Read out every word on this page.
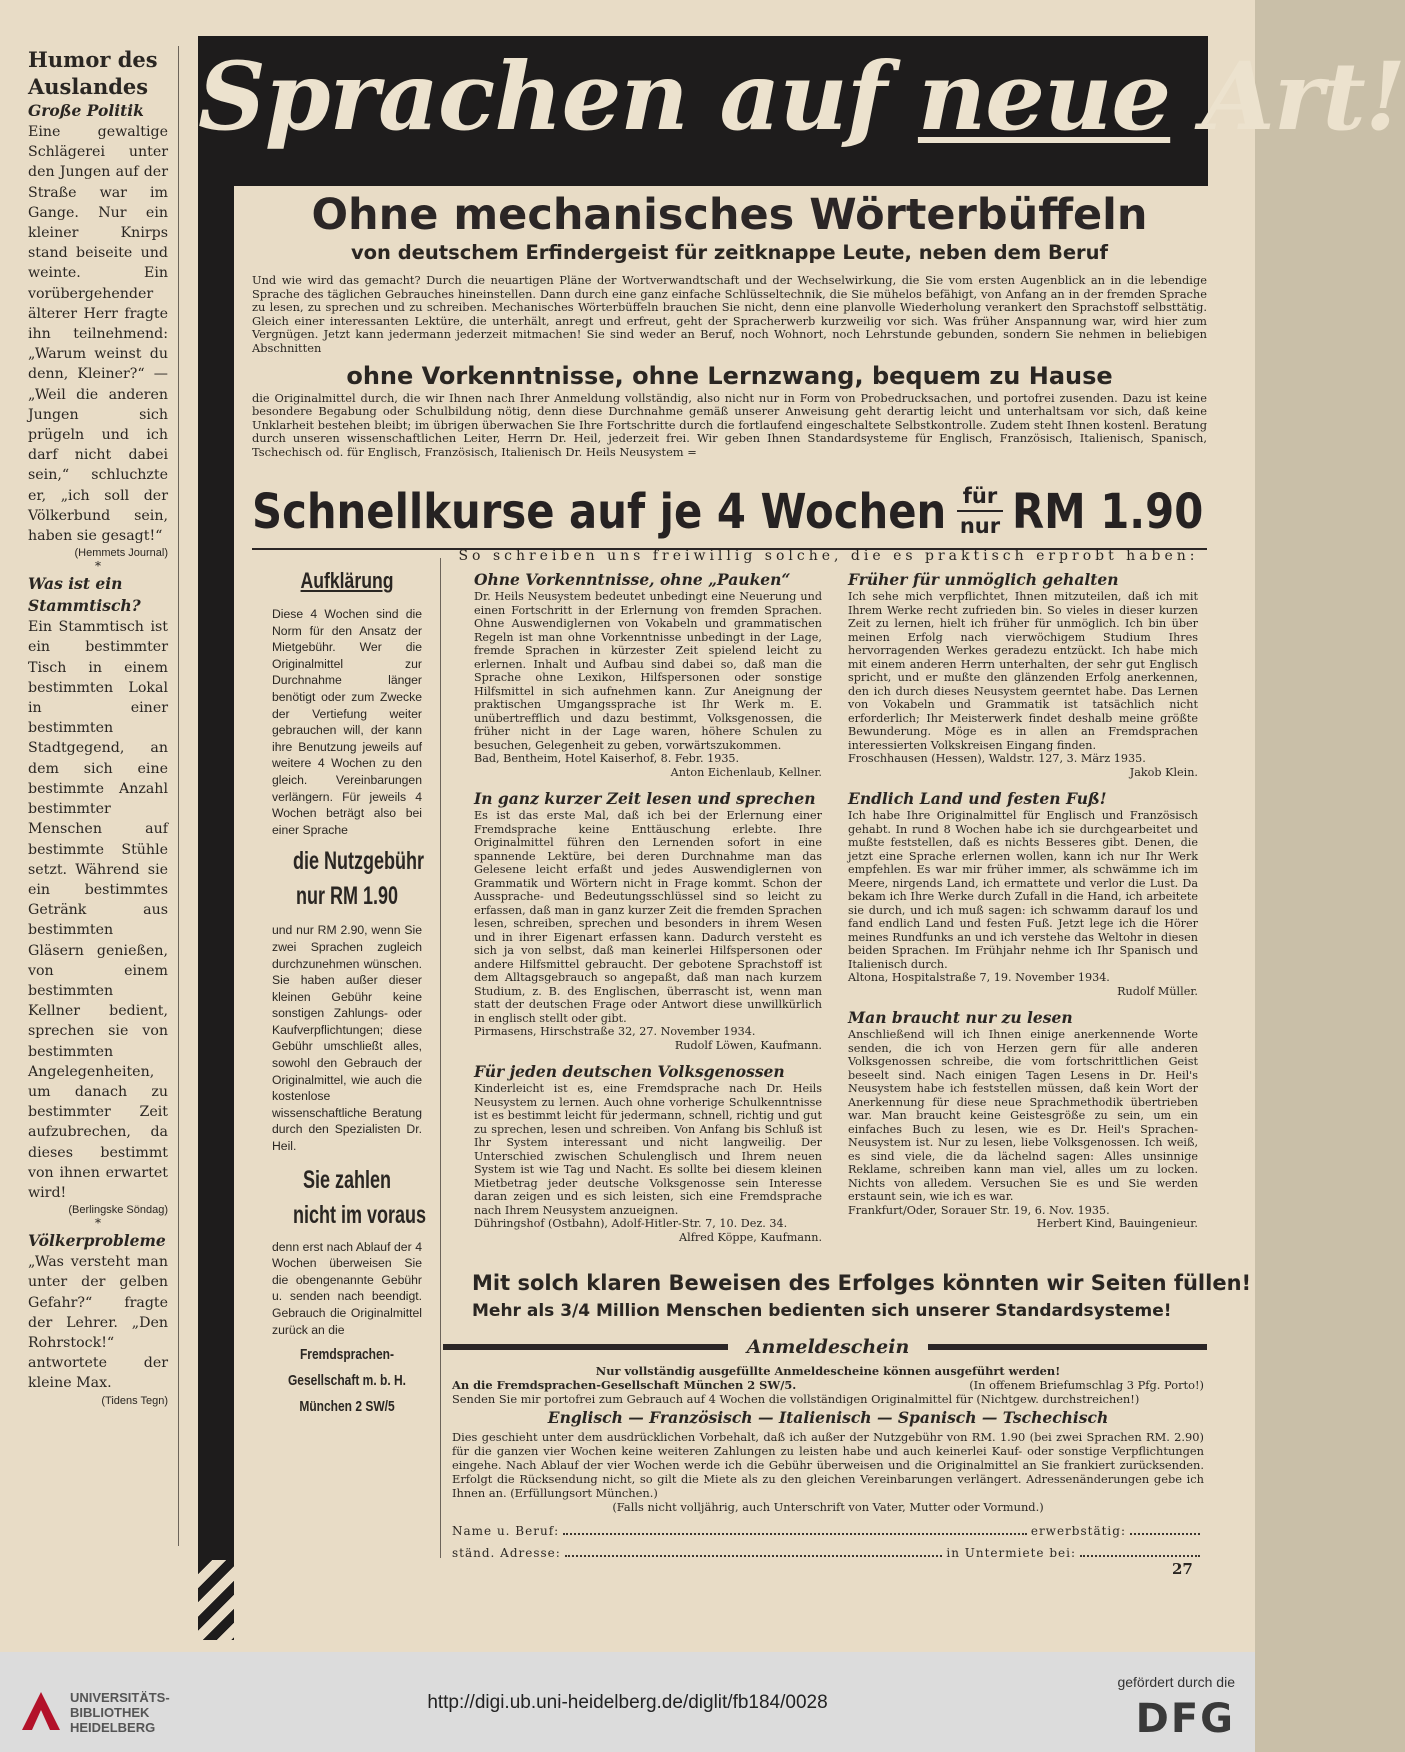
Humor des Auslandes
Große Politik

Eine gewaltige Schlägerei unter den Jungen auf der Straße war im Gange. Nur ein kleiner Knirps stand beiseite und weinte. Ein vorübergehender älterer Herr fragte ihn teilnehmend: „Warum weinst du denn, Kleiner?“ — „Weil die anderen Jungen sich prügeln und ich darf nicht dabei sein,“ schluchzte er, „ich soll der Völkerbund sein, haben sie gesagt!“

(Hemmets Journal)
*
Was ist ein Stammtisch?

Ein Stammtisch ist ein bestimmter Tisch in einem bestimmten Lokal in einer bestimmten Stadtgegend, an dem sich eine bestimmte Anzahl bestimmter Menschen auf bestimmte Stühle setzt. Während sie ein bestimmtes Getränk aus bestimmten Gläsern genießen, von einem bestimmten Kellner bedient, sprechen sie von bestimmten Angelegenheiten, um danach zu bestimmter Zeit aufzubrechen, da dieses bestimmt von ihnen erwartet wird!

(Berlingske Söndag)
*
Völkerprobleme

„Was versteht man unter der gelben Gefahr?“ fragte der Lehrer. „Den Rohrstock!“ antwortete der kleine Max.

(Tidens Tegn)
Sprachen auf neue Art!
Ohne mechanisches Wörterbüffeln
von deutschem Erfindergeist für zeitknappe Leute, neben dem Beruf
Und wie wird das gemacht? Durch die neuartigen Pläne der Wortverwandtschaft und der Wechselwirkung, die Sie vom ersten Augenblick an in die lebendige Sprache des täglichen Gebrauches hineinstellen. Dann durch eine ganz einfache Schlüsseltechnik, die Sie mühelos befähigt, von Anfang an in der fremden Sprache zu lesen, zu sprechen und zu schreiben. Mechanisches Wörterbüffeln brauchen Sie nicht, denn eine planvolle Wiederholung verankert den Sprachstoff selbsttätig. Gleich einer interessanten Lektüre, die unterhält, anregt und erfreut, geht der Spracherwerb kurzweilig vor sich. Was früher Anspannung war, wird hier zum Vergnügen. Jetzt kann jedermann jederzeit mitmachen! Sie sind weder an Beruf, noch Wohnort, noch Lehrstunde gebunden, sondern Sie nehmen in beliebigen Abschnitten
ohne Vorkenntnisse, ohne Lernzwang, bequem zu Hause
die Originalmittel durch, die wir Ihnen nach Ihrer Anmeldung vollständig, also nicht nur in Form von Probedrucksachen, und portofrei zusenden. Dazu ist keine besondere Begabung oder Schulbildung nötig, denn diese Durchnahme gemäß unserer Anweisung geht derartig leicht und unterhaltsam vor sich, daß keine Unklarheit bestehen bleibt; im übrigen überwachen Sie Ihre Fortschritte durch die fortlaufend eingeschaltete Selbstkontrolle. Zudem steht Ihnen kostenl. Beratung durch unseren wissenschaftlichen Leiter, Herrn Dr. Heil, jederzeit frei. Wir geben Ihnen Standardsysteme für Englisch, Französisch, Italienisch, Spanisch, Tschechisch od. für Englisch, Französisch, Italienisch Dr. Heils Neusystem =
Schnellkurse auf je 4 Wochen für
nur RM 1.90
Aufklärung
Diese 4 Wochen sind die Norm für den Ansatz der Mietgebühr. Wer die Originalmittel zur Durchnahme länger benötigt oder zum Zwecke der Vertiefung weiter gebrauchen will, der kann ihre Benutzung jeweils auf weitere 4 Wochen zu den gleich. Vereinbarungen verlängern. Für jeweils 4 Wochen beträgt also bei einer Sprache
die Nutzgebühr
nur RM 1.90
und nur RM 2.90, wenn Sie zwei Sprachen zugleich durchzunehmen wünschen. Sie haben außer dieser kleinen Gebühr keine sonstigen Zahlungs- oder Kaufverpflichtungen; diese Gebühr umschließt alles, sowohl den Gebrauch der Originalmittel, wie auch die kostenlose wissenschaftliche Beratung durch den Spezialisten Dr. Heil.
Sie zahlen
nicht im voraus
denn erst nach Ablauf der 4 Wochen überweisen Sie die obengenannte Gebühr u. senden nach beendigt. Gebrauch die Originalmittel zurück an die
Fremdsprachen-
Gesellschaft m. b. H.
München 2 SW/5
So schreiben uns freiwillig solche, die es praktisch erprobt haben:
Ohne Vorkenntnisse, ohne „Pauken“
Dr. Heils Neusystem bedeutet unbedingt eine Neuerung und einen Fortschritt in der Erlernung von fremden Sprachen. Ohne Auswendiglernen von Vokabeln und grammatischen Regeln ist man ohne Vorkenntnisse unbedingt in der Lage, fremde Sprachen in kürzester Zeit spielend leicht zu erlernen. Inhalt und Aufbau sind dabei so, daß man die Sprache ohne Lexikon, Hilfspersonen oder sonstige Hilfsmittel in sich aufnehmen kann. Zur Aneignung der praktischen Umgangssprache ist Ihr Werk m. E. unübertrefflich und dazu bestimmt, Volksgenossen, die früher nicht in der Lage waren, höhere Schulen zu besuchen, Gelegenheit zu geben, vorwärtszukommen.
Bad, Bentheim, Hotel Kaiserhof, 8. Febr. 1935.
Anton Eichenlaub, Kellner.
In ganz kurzer Zeit lesen und sprechen
Es ist das erste Mal, daß ich bei der Erlernung einer Fremdsprache keine Enttäuschung erlebte. Ihre Originalmittel führen den Lernenden sofort in eine spannende Lektüre, bei deren Durchnahme man das Gelesene leicht erfaßt und jedes Auswendiglernen von Grammatik und Wörtern nicht in Frage kommt. Schon der Aussprache- und Bedeutungsschlüssel sind so leicht zu erfassen, daß man in ganz kurzer Zeit die fremden Sprachen lesen, schreiben, sprechen und besonders in ihrem Wesen und in ihrer Eigenart erfassen kann. Dadurch versteht es sich ja von selbst, daß man keinerlei Hilfspersonen oder andere Hilfsmittel gebraucht. Der gebotene Sprachstoff ist dem Alltagsgebrauch so angepaßt, daß man nach kurzem Studium, z. B. des Englischen, überrascht ist, wenn man statt der deutschen Frage oder Antwort diese unwillkürlich in englisch stellt oder gibt.
Pirmasens, Hirschstraße 32, 27. November 1934.
Rudolf Löwen, Kaufmann.
Für jeden deutschen Volksgenossen
Kinderleicht ist es, eine Fremdsprache nach Dr. Heils Neusystem zu lernen. Auch ohne vorherige Schulkenntnisse ist es bestimmt leicht für jedermann, schnell, richtig und gut zu sprechen, lesen und schreiben. Von Anfang bis Schluß ist Ihr System interessant und nicht langweilig. Der Unterschied zwischen Schulenglisch und Ihrem neuen System ist wie Tag und Nacht. Es sollte bei diesem kleinen Mietbetrag jeder deutsche Volksgenosse sein Interesse daran zeigen und es sich leisten, sich eine Fremdsprache nach Ihrem Neusystem anzueignen.
Dühringshof (Ostbahn), Adolf-Hitler-Str. 7, 10. Dez. 34.
Alfred Köppe, Kaufmann.
Früher für unmöglich gehalten
Ich sehe mich verpflichtet, Ihnen mitzuteilen, daß ich mit Ihrem Werke recht zufrieden bin. So vieles in dieser kurzen Zeit zu lernen, hielt ich früher für unmöglich. Ich bin über meinen Erfolg nach vierwöchigem Studium Ihres hervorragenden Werkes geradezu entzückt. Ich habe mich mit einem anderen Herrn unterhalten, der sehr gut Englisch spricht, und er mußte den glänzenden Erfolg anerkennen, den ich durch dieses Neusystem geerntet habe. Das Lernen von Vokabeln und Grammatik ist tatsächlich nicht erforderlich; Ihr Meisterwerk findet deshalb meine größte Bewunderung. Möge es in allen an Fremdsprachen interessierten Volkskreisen Eingang finden.
Froschhausen (Hessen), Waldstr. 127, 3. März 1935.
Jakob Klein.
Endlich Land und festen Fuß!
Ich habe Ihre Originalmittel für Englisch und Französisch gehabt. In rund 8 Wochen habe ich sie durchgearbeitet und mußte feststellen, daß es nichts Besseres gibt. Denen, die jetzt eine Sprache erlernen wollen, kann ich nur Ihr Werk empfehlen. Es war mir früher immer, als schwämme ich im Meere, nirgends Land, ich ermattete und verlor die Lust. Da bekam ich Ihre Werke durch Zufall in die Hand, ich arbeitete sie durch, und ich muß sagen: ich schwamm darauf los und fand endlich Land und festen Fuß. Jetzt lege ich die Hörer meines Rundfunks an und ich verstehe das Weltohr in diesen beiden Sprachen. Im Frühjahr nehme ich Ihr Spanisch und Italienisch durch.
Altona, Hospitalstraße 7, 19. November 1934.
Rudolf Müller.
Man braucht nur zu lesen
Anschließend will ich Ihnen einige anerkennende Worte senden, die ich von Herzen gern für alle anderen Volksgenossen schreibe, die vom fortschrittlichen Geist beseelt sind. Nach einigen Tagen Lesens in Dr. Heil's Neusystem habe ich feststellen müssen, daß kein Wort der Anerkennung für diese neue Sprachmethodik übertrieben war. Man braucht keine Geistesgröße zu sein, um ein einfaches Buch zu lesen, wie es Dr. Heil's Sprachen-Neusystem ist. Nur zu lesen, liebe Volksgenossen. Ich weiß, es sind viele, die da lächelnd sagen: Alles unsinnige Reklame, schreiben kann man viel, alles um zu locken. Nichts von alledem. Versuchen Sie es und Sie werden erstaunt sein, wie ich es war.
Frankfurt/Oder, Sorauer Str. 19, 6. Nov. 1935.
Herbert Kind, Bauingenieur.
Mit solch klaren Beweisen des Erfolges könnten wir Seiten füllen!
Mehr als 3/4 Million Menschen bedienten sich unserer Standardsysteme!
Anmeldeschein
Nur vollständig ausgefüllte Anmeldescheine können ausgeführt werden!
An die Fremdsprachen-Gesellschaft München 2 SW/5.	(In offenem Briefumschlag 3 Pfg. Porto!)
Senden Sie mir portofrei zum Gebrauch auf 4 Wochen die vollständigen Originalmittel für (Nichtgew. durchstreichen!)
Englisch — Französisch — Italienisch — Spanisch — Tschechisch
Dies geschieht unter dem ausdrücklichen Vorbehalt, daß ich außer der Nutzgebühr von RM. 1.90 (bei zwei Sprachen RM. 2.90) für die ganzen vier Wochen keine weiteren Zahlungen zu leisten habe und auch keinerlei Kauf- oder sonstige Verpflichtungen eingehe. Nach Ablauf der vier Wochen werde ich die Gebühr überweisen und die Originalmittel an Sie frankiert zurücksenden. Erfolgt die Rücksendung nicht, so gilt die Miete als zu den gleichen Vereinbarungen verlängert. Adressenänderungen gebe ich Ihnen an. (Erfüllungsort München.)
(Falls nicht volljährig, auch Unterschrift von Vater, Mutter oder Vormund.)
Name u. Beruf:	erwerbstätig:
ständ. Adresse:	in Untermiete bei:
27
UNIVERSITÄTS-
BIBLIOTHEK
HEIDELBERG
http://digi.ub.uni-heidelberg.de/diglit/fb184/0028
gefördert durch die
DFG
